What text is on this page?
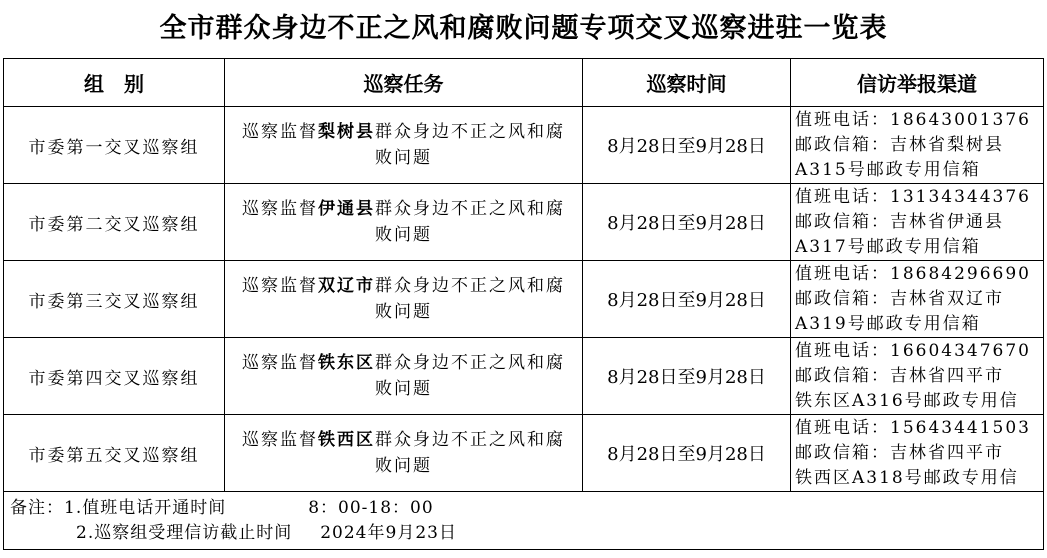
全市群众身边不正之风和腐败问题专项交叉巡察进驻一览表
组　别	巡察任务	巡察时间	信访举报渠道
市委第一交叉巡察组	巡察监督梨树县群众身边不正之风和腐败问题	8月28日至9月28日	值班电话：18643001376
邮政信箱：吉林省梨树县
A315号邮政专用信箱

市委第二交叉巡察组	巡察监督伊通县群众身边不正之风和腐败问题	8月28日至9月28日	值班电话：13134344376
邮政信箱：吉林省伊通县
A317号邮政专用信箱

市委第三交叉巡察组	巡察监督双辽市群众身边不正之风和腐败问题	8月28日至9月28日	值班电话：18684296690
邮政信箱：吉林省双辽市
A319号邮政专用信箱

市委第四交叉巡察组	巡察监督铁东区群众身边不正之风和腐败问题	8月28日至9月28日	值班电话：16604347670
邮政信箱：吉林省四平市
铁东区A316号邮政专用信

市委第五交叉巡察组	巡察监督铁西区群众身边不正之风和腐败问题	8月28日至9月28日	值班电话：15643441503
邮政信箱：吉林省四平市
铁西区A318号邮政专用信

备注：1.值班电话开通时间 8：00-18：00
2.巡察组受理信访截止时间 2024年9月23日			
